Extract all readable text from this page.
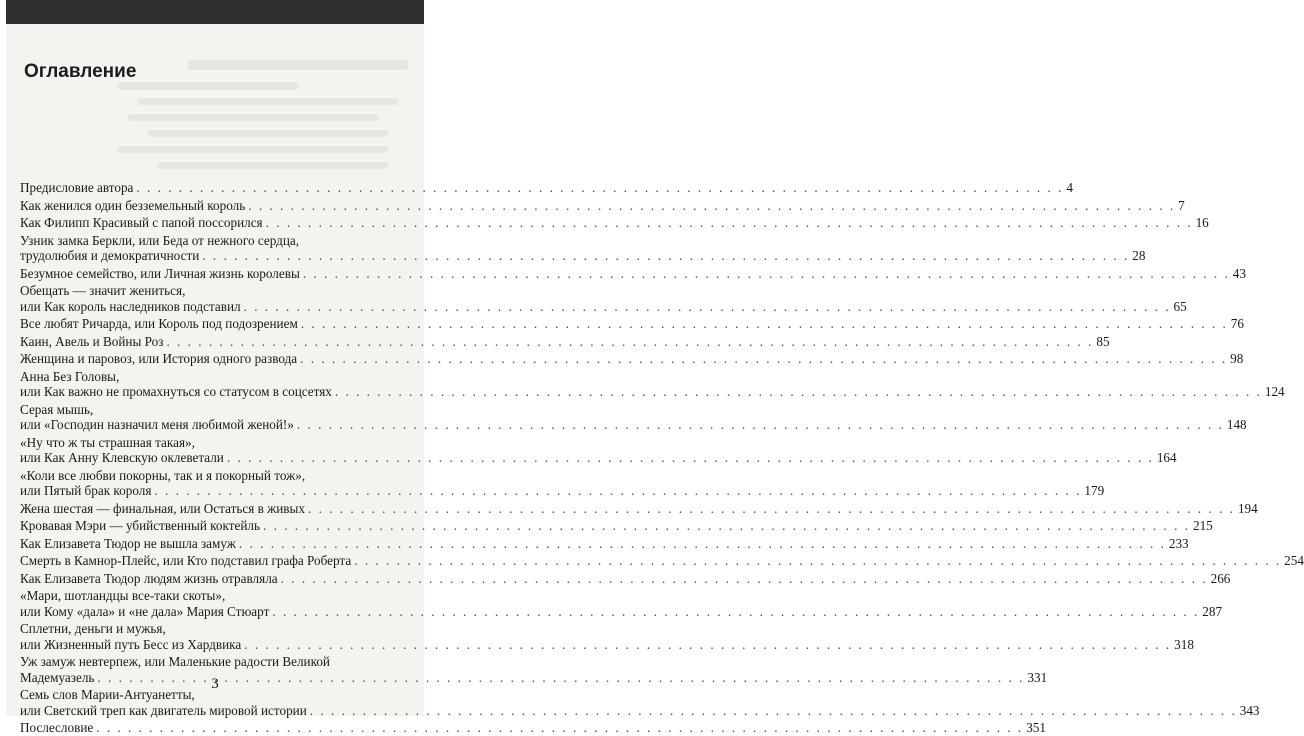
Оглавление
Предисловие автора . . .	4
Как женился один безземельный король . . .	7
Как Филипп Красивый с папой поссорился . . .	16
Узник замка Беркли, или Беда от нежного сердца,
трудолюбия и демократичности . . .	28
Безумное семейство, или Личная жизнь королевы . . .	43
Обещать — значит жениться,
или Как король наследников подставил . . .	65
Все любят Ричарда, или Король под подозрением . . .	76
Каин, Авель и Войны Роз . . .	85
Женщина и паровоз, или История одного развода . . .	98
Анна Без Головы,
или Как важно не промахнуться со статусом в соцсетях . . .	124
Серая мышь,
или «Господин назначил меня любимой женой!» . . .	148
«Ну что ж ты страшная такая»,
или Как Анну Клевскую оклеветали . . .	164
«Коли все любви покорны, так и я покорный тож»,
или Пятый брак короля . . .	179
Жена шестая — финальная, или Остаться в живых . . .	194
Кровавая Мэри — убийственный коктейль . . .	215
Как Елизавета Тюдор не вышла замуж . . .	233
Смерть в Камнор-Плейс, или Кто подставил графа Роберта . . .	254
Как Елизавета Тюдор людям жизнь отравляла . . .	266
«Мари, шотландцы все-таки скоты»,
или Кому «дала» и «не дала» Мария Стюарт . . .	287
Сплетни, деньги и мужья,
или Жизненный путь Бесс из Хардвика . . .	318
Уж замуж невтерпеж, или Маленькие радости Великой
Мадемуазель . . .	331
Семь слов Марии-Антуанетты,
или Светский треп как двигатель мировой истории . . .	343
Послесловие . . .	351
3
